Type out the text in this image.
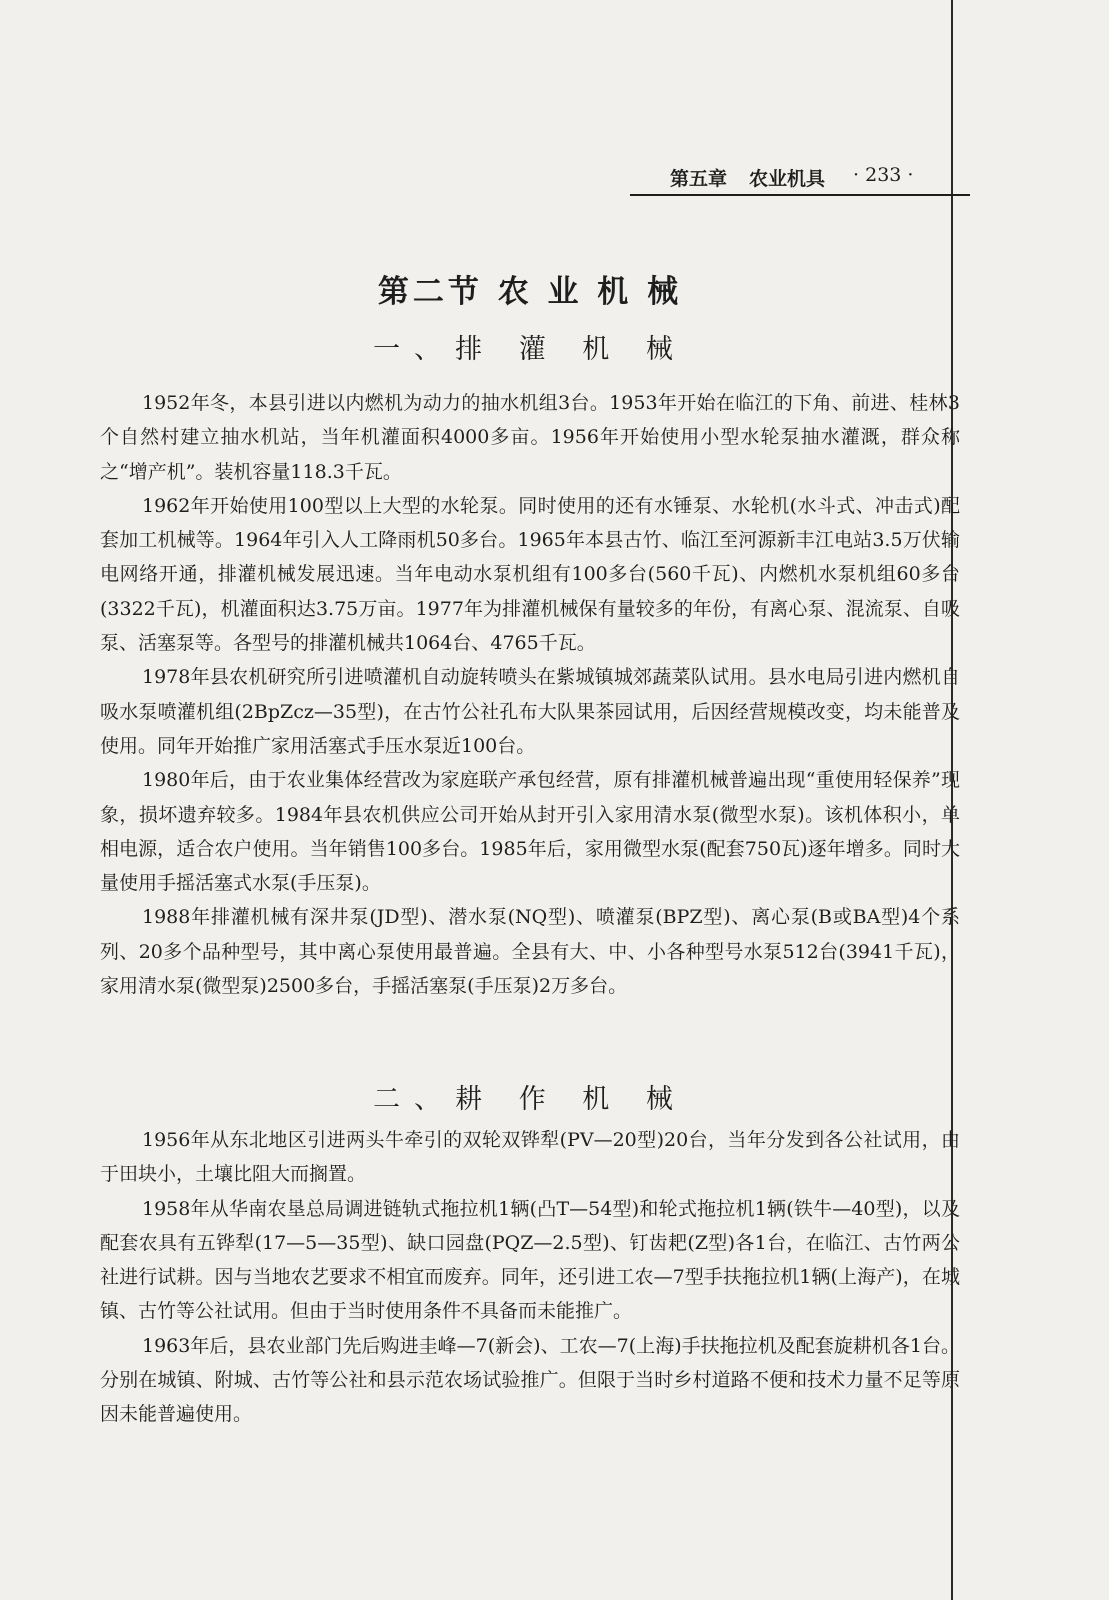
第五章 农业机具 · 233 ·
第二节 农 业 机 械
一、排 灌 机 械

1952年冬，本县引进以内燃机为动力的抽水机组3台。1953年开始在临江的下角、前进、桂林3个自然村建立抽水机站，当年机灌面积4000多亩。1956年开始使用小型水轮泵抽水灌溉，群众称之“增产机”。装机容量118.3千瓦。

1962年开始使用100型以上大型的水轮泵。同时使用的还有水锤泵、水轮机(水斗式、冲击式)配套加工机械等。1964年引入人工降雨机50多台。1965年本县古竹、临江至河源新丰江电站3.5万伏输电网络开通，排灌机械发展迅速。当年电动水泵机组有100多台(560千瓦)、内燃机水泵机组60多台(3322千瓦)，机灌面积达3.75万亩。1977年为排灌机械保有量较多的年份，有离心泵、混流泵、自吸泵、活塞泵等。各型号的排灌机械共1064台、4765千瓦。

1978年县农机研究所引进喷灌机自动旋转喷头在紫城镇城郊蔬菜队试用。县水电局引进内燃机自吸水泵喷灌机组(2BpZcz—35型)，在古竹公社孔布大队果茶园试用，后因经营规模改变，均未能普及使用。同年开始推广家用活塞式手压水泵近100台。

1980年后，由于农业集体经营改为家庭联产承包经营，原有排灌机械普遍出现“重使用轻保养”现象，损坏遗弃较多。1984年县农机供应公司开始从封开引入家用清水泵(微型水泵)。该机体积小，单相电源，适合农户使用。当年销售100多台。1985年后，家用微型水泵(配套750瓦)逐年增多。同时大量使用手摇活塞式水泵(手压泵)。

1988年排灌机械有深井泵(JD型)、潜水泵(NQ型)、喷灌泵(BPZ型)、离心泵(B或BA型)4个系列、20多个品种型号，其中离心泵使用最普遍。全县有大、中、小各种型号水泵512台(3941千瓦)，家用清水泵(微型泵)2500多台，手摇活塞泵(手压泵)2万多台。

二、耕 作 机 械

1956年从东北地区引进两头牛牵引的双轮双铧犁(PV—20型)20台，当年分发到各公社试用，由于田块小，土壤比阻大而搁置。

1958年从华南农垦总局调进链轨式拖拉机1辆(凸T—54型)和轮式拖拉机1辆(铁牛—40型)，以及配套农具有五铧犁(17—5—35型)、缺口园盘(PQZ—2.5型)、钉齿耙(Z型)各1台，在临江、古竹两公社进行试耕。因与当地农艺要求不相宜而废弃。同年，还引进工农—7型手扶拖拉机1辆(上海产)，在城镇、古竹等公社试用。但由于当时使用条件不具备而未能推广。

1963年后，县农业部门先后购进圭峰—7(新会)、工农—7(上海)手扶拖拉机及配套旋耕机各1台。分别在城镇、附城、古竹等公社和县示范农场试验推广。但限于当时乡村道路不便和技术力量不足等原因未能普遍使用。
